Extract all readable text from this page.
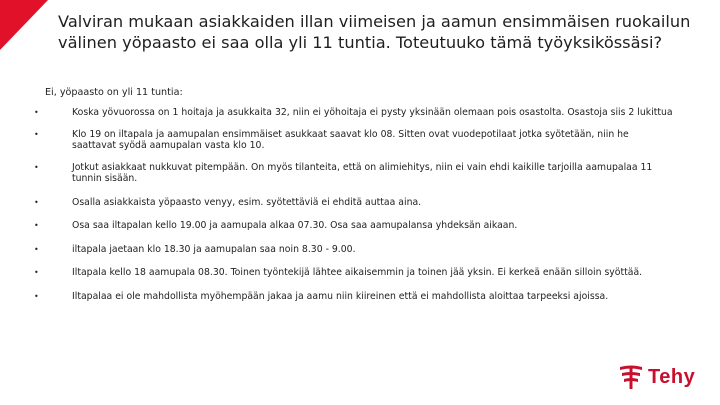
Valviran mukaan asiakkaiden illan viimeisen ja aamun ensimmäisen ruokailun välinen yöpaasto ei saa olla yli 11 tuntia. Toteutuuko tämä työyksikössäsi?
Ei, yöpaasto on yli 11 tuntia:
•	Koska yövuorossa on 1 hoitaja ja asukkaita 32, niin ei yöhoitaja ei pysty yksinään olemaan pois osastolta. Osastoja siis 2 lukittua
•	Klo 19 on iltapala ja aamupalan ensimmäiset asukkaat saavat klo 08. Sitten ovat vuodepotilaat jotka syötetään, niin he saattavat syödä aamupalan vasta klo 10.
•	Jotkut asiakkaat nukkuvat pitempään. On myös tilanteita, että on alimiehitys, niin ei vain ehdi kaikille tarjoilla aamupalaa 11 tunnin sisään.
•	Osalla asiakkaista yöpaasto venyy, esim. syötettäviä ei ehditä auttaa aina.
•	Osa saa iltapalan kello 19.00 ja aamupala alkaa 07.30. Osa saa aamupalansa yhdeksän aikaan.
•	iltapala jaetaan klo 18.30 ja aamupalan saa noin 8.30 - 9.00.
•	Iltapala kello 18 aamupala 08.30. Toinen työntekijä lähtee aikaisemmin ja toinen jää yksin. Ei kerkeä enään silloin syöttää.
•	Iltapalaa ei ole mahdollista myöhempään jakaa ja aamu niin kiireinen että ei mahdollista aloittaa tarpeeksi ajoissa.
Tehy
